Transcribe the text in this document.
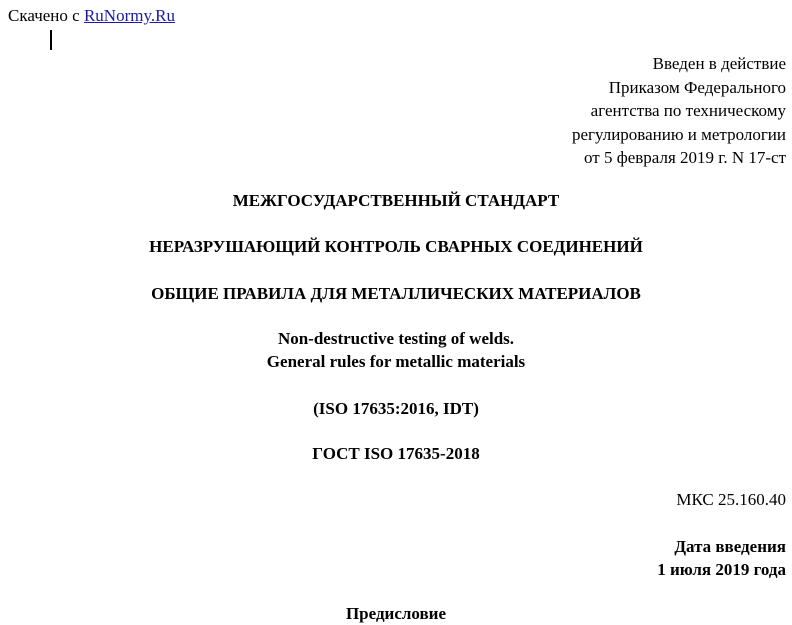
Скачено с RuNormy.Ru
Введен в действие
Приказом Федерального
агентства по техническому
регулированию и метрологии
от 5 февраля 2019 г. N 17-ст
МЕЖГОСУДАРСТВЕННЫЙ СТАНДАРТ
НЕРАЗРУШАЮЩИЙ КОНТРОЛЬ СВАРНЫХ СОЕДИНЕНИЙ
ОБЩИЕ ПРАВИЛА ДЛЯ МЕТАЛЛИЧЕСКИХ МАТЕРИАЛОВ
Non-destructive testing of welds.
General rules for metallic materials
(ISO 17635:2016, IDT)
ГОСТ ISO 17635-2018
МКС 25.160.40
Дата введения
1 июля 2019 года
Предисловие
